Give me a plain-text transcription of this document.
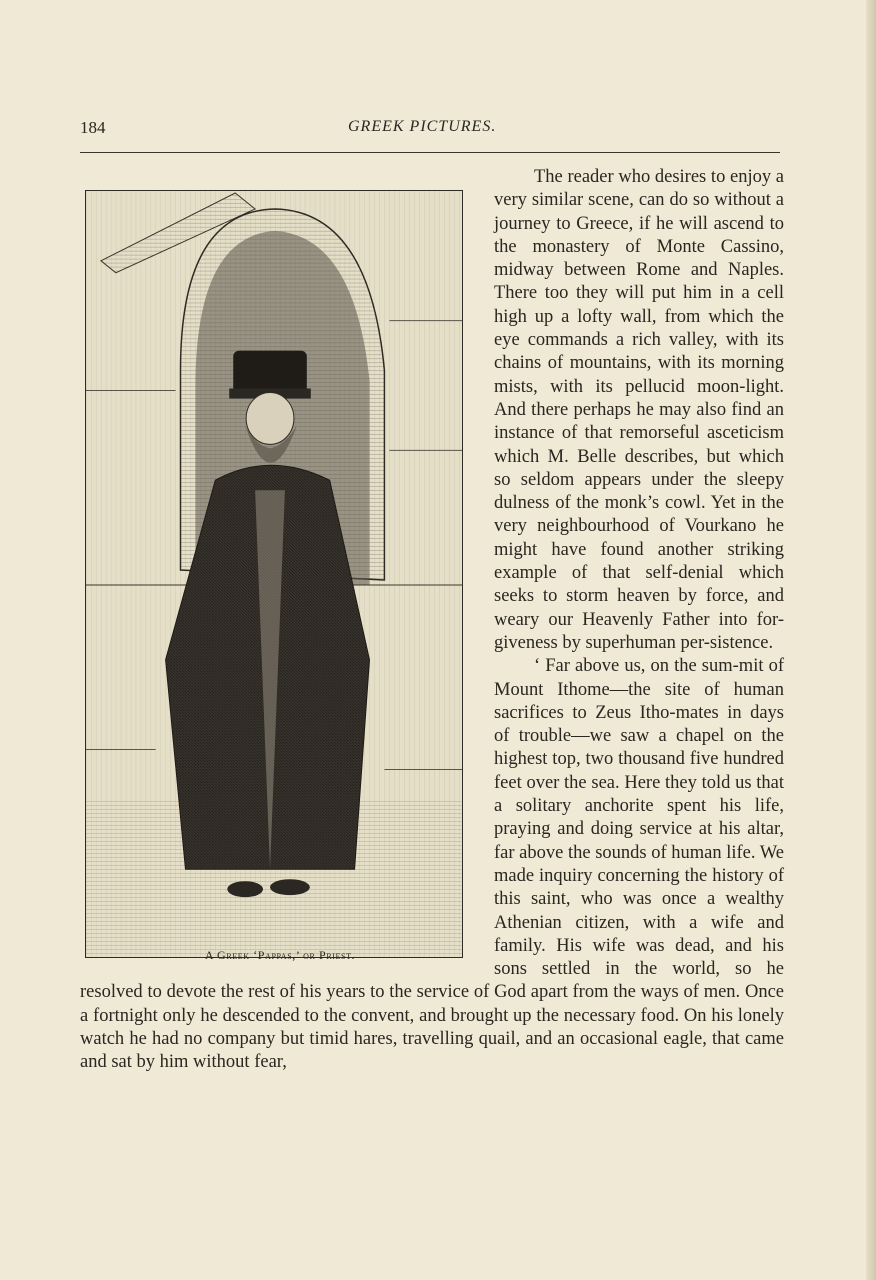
184	GREEK PICTURES.
A Greek ‘Pappas,’ or Priest.

The reader who desires to enjoy a very similar scene, can do so without a journey to Greece, if he will ascend to the monastery of Monte Cassino, midway between Rome and Naples. There too they will put him in a cell high up a lofty wall, from which the eye commands a rich valley, with its chains of mountains, with its morning mists, with its pellucid moon-light. And there perhaps he may also find an instance of that remorseful asceticism which M. Belle describes, but which so seldom appears under the sleepy dulness of the monk’s cowl. Yet in the very neighbourhood of Vourkano he might have found another striking example of that self-denial which seeks to storm heaven by force, and weary our Heavenly Father into for-giveness by superhuman per-sistence.

‘ Far above us, on the sum-mit of Mount Ithome—the site of human sacrifices to Zeus Itho-mates in days of trouble—we saw a chapel on the highest top, two thousand five hundred feet over the sea. Here they told us that a solitary anchorite spent his life, praying and doing service at his altar, far above the sounds of human life. We made inquiry concerning the history of this saint, who was once a wealthy Athenian citizen, with a wife and family. His wife was dead, and his sons settled in the world, so he resolved to devote the rest of his years to the service of God apart from the ways of men. Once a fortnight only he descended to the convent, and brought up the necessary food. On his lonely watch he had no company but timid hares, travelling quail, and an occasional eagle, that came and sat by him without fear,
